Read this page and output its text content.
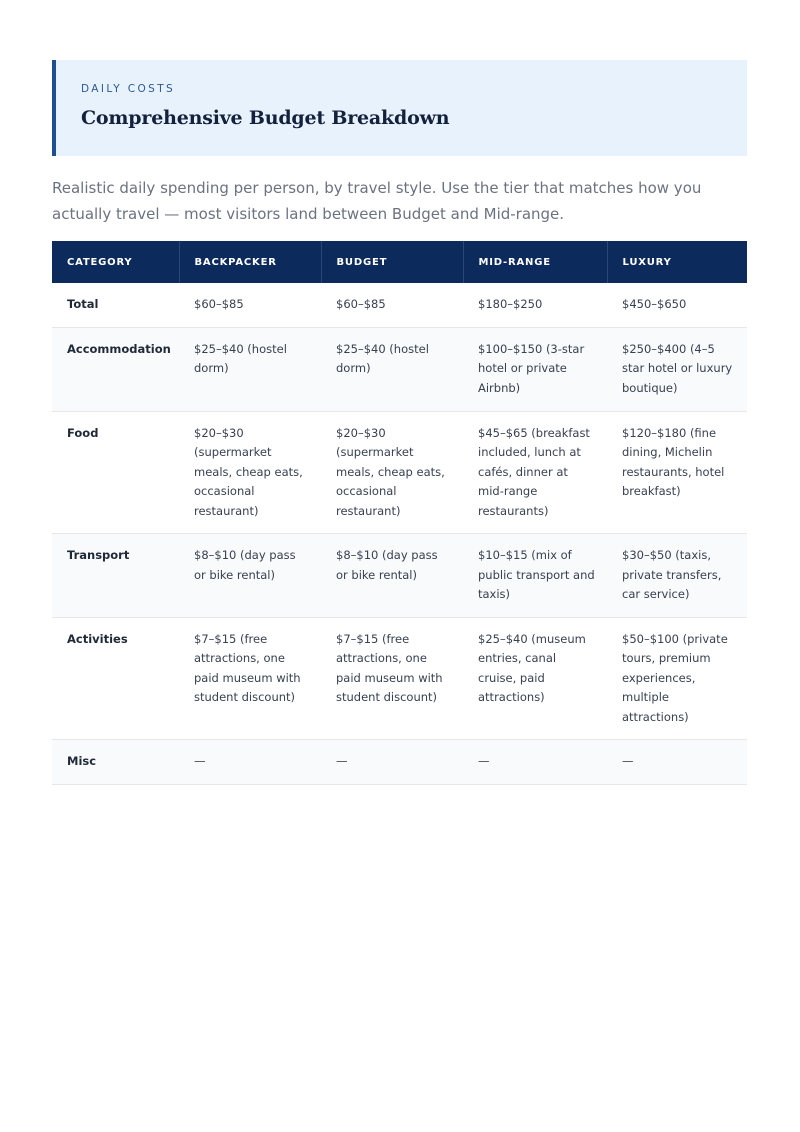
DAILY COSTS
Comprehensive Budget Breakdown
Realistic daily spending per person, by travel style. Use the tier that matches how you actually travel — most visitors land between Budget and Mid-range.
CATEGORY	BACKPACKER	BUDGET	MID-RANGE	LUXURY
Total	$60–$85	$60–$85	$180–$250	$450–$650
Accommodation	$25–$40 (hostel dorm)	$25–$40 (hostel dorm)	$100–$150 (3-star hotel or private Airbnb)	$250–$400 (4–5 star hotel or luxury boutique)
Food	$20–$30 (supermarket meals, cheap eats, occasional restaurant)	$20–$30 (supermarket meals, cheap eats, occasional restaurant)	$45–$65 (breakfast included, lunch at cafés, dinner at mid-range restaurants)	$120–$180 (fine dining, Michelin restaurants, hotel breakfast)
Transport	$8–$10 (day pass or bike rental)	$8–$10 (day pass or bike rental)	$10–$15 (mix of public transport and taxis)	$30–$50 (taxis, private transfers, car service)
Activities	$7–$15 (free attractions, one paid museum with student discount)	$7–$15 (free attractions, one paid museum with student discount)	$25–$40 (museum entries, canal cruise, paid attractions)	$50–$100 (private tours, premium experiences, multiple attractions)
Misc	—	—	—	—
